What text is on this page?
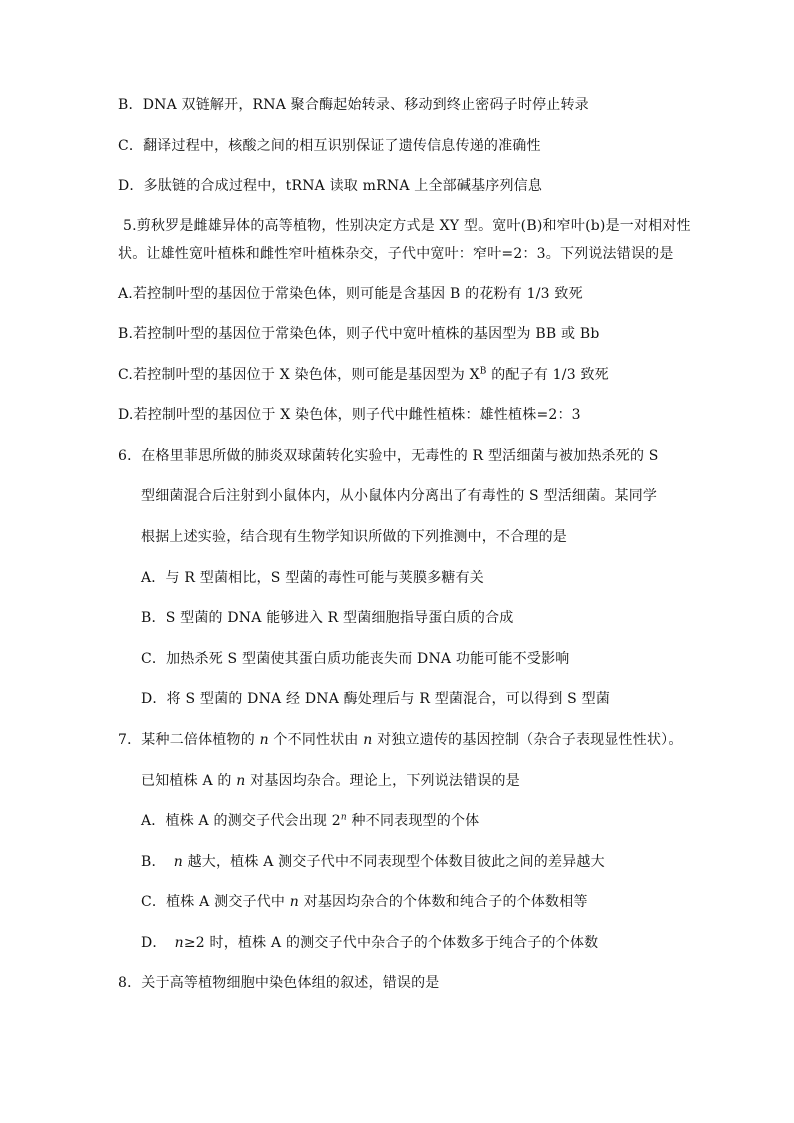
B．DNA 双链解开，RNA 聚合酶起始转录、移动到终止密码子时停止转录
C．翻译过程中，核酸之间的相互识别保证了遗传信息传递的准确性
D．多肽链的合成过程中，tRNA 读取 mRNA 上全部碱基序列信息
5.剪秋罗是雌雄异体的高等植物，性别决定方式是 XY 型。宽叶(B)和窄叶(b)是一对相对性
状。让雄性宽叶植株和雌性窄叶植株杂交，子代中宽叶：窄叶=2：3。下列说法错误的是
A.若控制叶型的基因位于常染色体，则可能是含基因 B 的花粉有 1/3 致死
B.若控制叶型的基因位于常染色体，则子代中宽叶植株的基因型为 BB 或 Bb
C.若控制叶型的基因位于 X 染色体，则可能是基因型为 $X^B$ 的配子有 1/3 致死
D.若控制叶型的基因位于 X 染色体，则子代中雌性植株：雄性植株=2：3
6．在格里菲思所做的肺炎双球菌转化实验中，无毒性的 R 型活细菌与被加热杀死的 S
型细菌混合后注射到小鼠体内，从小鼠体内分离出了有毒性的 S 型活细菌。某同学
根据上述实验，结合现有生物学知识所做的下列推测中，不合理的是
A．与 R 型菌相比，S 型菌的毒性可能与荚膜多糖有关
B．S 型菌的 DNA 能够进入 R 型菌细胞指导蛋白质的合成
C．加热杀死 S 型菌使其蛋白质功能丧失而 DNA 功能可能不受影响
D．将 S 型菌的 DNA 经 DNA 酶处理后与 R 型菌混合，可以得到 S 型菌
7．某种二倍体植物的 n 个不同性状由 n 对独立遗传的基因控制（杂合子表现显性性状）。
已知植株 A 的 n 对基因均杂合。理论上，下列说法错误的是
A．植株 A 的测交子代会出现 2$^n$ 种不同表现型的个体
B． n 越大，植株 A 测交子代中不同表现型个体数目彼此之间的差异越大
C．植株 A 测交子代中 n 对基因均杂合的个体数和纯合子的个体数相等
D． n≥2 时，植株 A 的测交子代中杂合子的个体数多于纯合子的个体数
8．关于高等植物细胞中染色体组的叙述，错误的是
